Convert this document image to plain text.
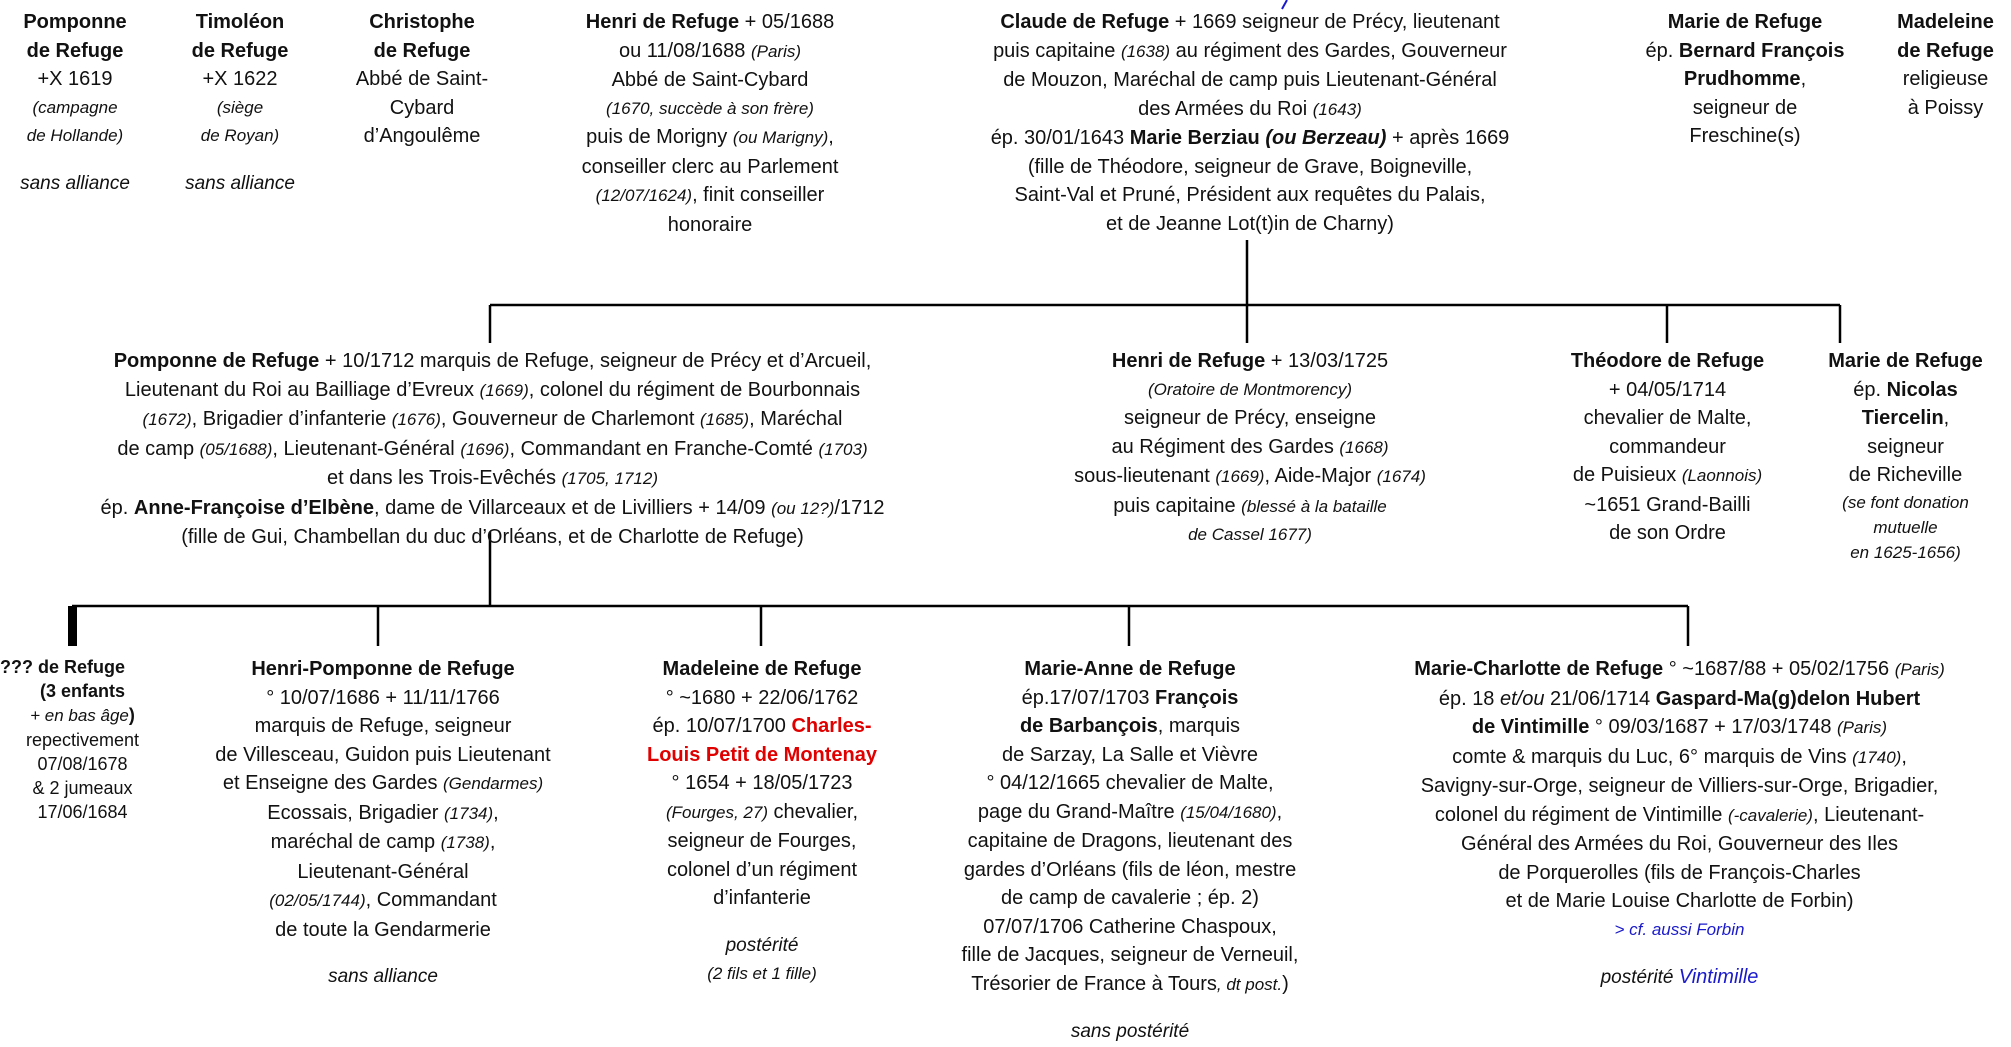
Pomponne

de Refuge

+X 1619

(campagne

de Hollande)

sans alliance

Timoléon

de Refuge

+X 1622

(siège

de Royan)

sans alliance

Christophe

de Refuge

Abbé de Saint-

Cybard

d’Angoulême

Henri de Refuge + 05/1688

ou 11/08/1688 (Paris)

Abbé de Saint-Cybard

(1670, succède à son frère)

puis de Morigny (ou Marigny),

conseiller clerc au Parlement

(12/07/1624), finit conseiller

honoraire

Claude de Refuge + 1669 seigneur de Précy, lieutenant

puis capitaine (1638) au régiment des Gardes, Gouverneur

de Mouzon, Maréchal de camp puis Lieutenant-Général

des Armées du Roi (1643)

ép. 30/01/1643 Marie Berziau (ou Berzeau) + après 1669

(fille de Théodore, seigneur de Grave, Boigneville,

Saint-Val et Pruné, Président aux requêtes du Palais,

et de Jeanne Lot(t)in de Charny)

Marie de Refuge

ép. Bernard François

Prudhomme,

seigneur de

Freschine(s)

Madeleine

de Refuge

religieuse

à Poissy

Pomponne de Refuge + 10/1712 marquis de Refuge, seigneur de Précy et d’Arcueil,

Lieutenant du Roi au Bailliage d’Evreux (1669), colonel du régiment de Bourbonnais

(1672), Brigadier d’infanterie (1676), Gouverneur de Charlemont (1685), Maréchal

de camp (05/1688), Lieutenant-Général (1696), Commandant en Franche-Comté (1703)

et dans les Trois-Evêchés (1705, 1712)

ép. Anne-Françoise d’Elbène, dame de Villarceaux et de Livilliers + 14/09 (ou 12?)/1712

(fille de Gui, Chambellan du duc d’Orléans, et de Charlotte de Refuge)

Henri de Refuge + 13/03/1725

(Oratoire de Montmorency)

seigneur de Précy, enseigne

au Régiment des Gardes (1668)

sous-lieutenant (1669), Aide-Major (1674)

puis capitaine (blessé à la bataille

de Cassel 1677)

Théodore de Refuge

+ 04/05/1714

chevalier de Malte,

commandeur

de Puisieux (Laonnois)

~1651 Grand-Bailli

de son Ordre

Marie de Refuge

ép. Nicolas

Tiercelin,

seigneur

de Richeville

(se font donation

mutuelle

en 1625-1656)

??? de Refuge

(3 enfants

+ en bas âge)

repectivement

07/08/1678

& 2 jumeaux

17/06/1684

Henri-Pomponne de Refuge

° 10/07/1686 + 11/11/1766

marquis de Refuge, seigneur

de Villesceau, Guidon puis Lieutenant

et Enseigne des Gardes (Gendarmes)

Ecossais, Brigadier (1734),

maréchal de camp (1738),

Lieutenant-Général

(02/05/1744), Commandant

de toute la Gendarmerie

sans alliance

Madeleine de Refuge

° ~1680 + 22/06/1762

ép. 10/07/1700 Charles-

Louis Petit de Montenay

° 1654 + 18/05/1723

(Fourges, 27) chevalier,

seigneur de Fourges,

colonel d’un régiment

d’infanterie

postérité

(2 fils et 1 fille)

Marie-Anne de Refuge

ép.17/07/1703 François

de Barbançois, marquis

de Sarzay, La Salle et Vièvre

° 04/12/1665 chevalier de Malte,

page du Grand-Maître (15/04/1680),

capitaine de Dragons, lieutenant des

gardes d’Orléans (fils de léon, mestre

de camp de cavalerie ; ép. 2)

07/07/1706 Catherine Chaspoux,

fille de Jacques, seigneur de Verneuil,

Trésorier de France à Tours, dt post.)

sans postérité

Marie-Charlotte de Refuge ° ~1687/88 + 05/02/1756 (Paris)

ép. 18 et/ou 21/06/1714 Gaspard-Ma(g)delon Hubert

de Vintimille ° 09/03/1687 + 17/03/1748 (Paris)

comte & marquis du Luc, 6° marquis de Vins (1740),

Savigny-sur-Orge, seigneur de Villiers-sur-Orge, Brigadier,

colonel du régiment de Vintimille (-cavalerie), Lieutenant-

Général des Armées du Roi, Gouverneur des Iles

de Porquerolles (fils de François-Charles

et de Marie Louise Charlotte de Forbin)

> cf. aussi Forbin

postérité Vintimille
